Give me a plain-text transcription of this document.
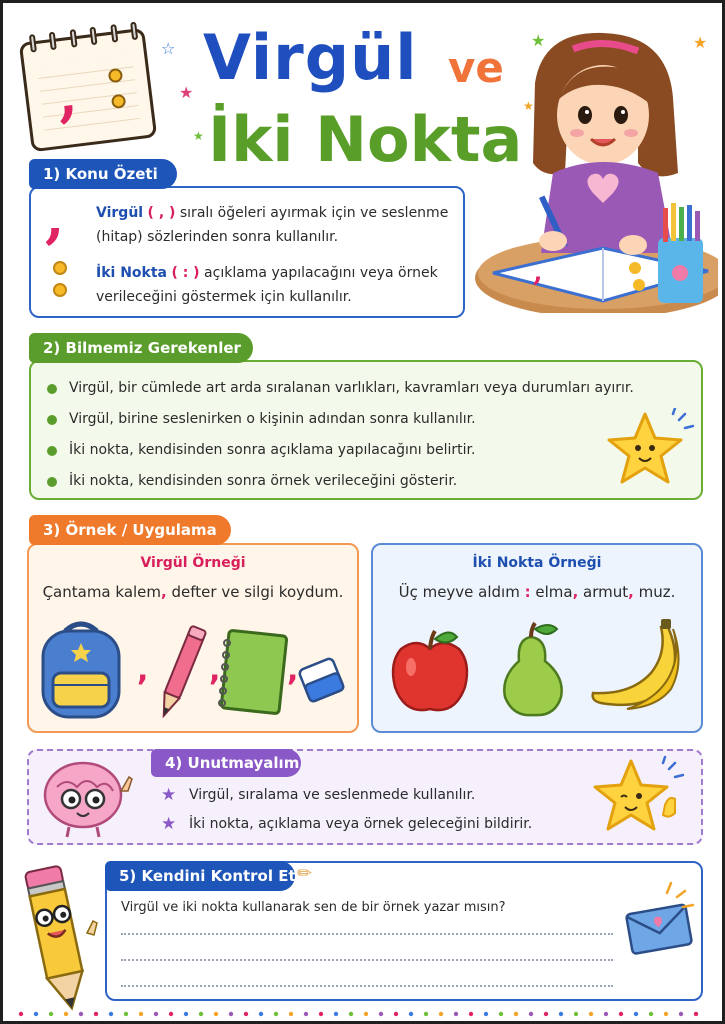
,
☆
★
★
★
★
★
Virgül ve
İki Nokta
,
1) Konu Özeti
, Virgül ( , ) sıralı öğeleri ayırmak için ve seslenme (hitap) sözlerinden sonra kullanılır.
İki Nokta ( : ) açıklama yapılacağını veya örnek verileceğini göstermek için kullanılır.
2) Bilmemiz Gerekenler
Virgül, bir cümlede art arda sıralanan varlıkları, kavramları veya durumları ayırır.
Virgül, birine seslenirken o kişinin adından sonra kullanılır.
İki nokta, kendisinden sonra açıklama yapılacağını belirtir.
İki nokta, kendisinden sonra örnek verileceğini gösterir.
3) Örnek / Uygulama
Virgül Örneği
Çantama kalem, defter ve silgi koydum.
İki Nokta Örneği
Üç meyve aldım : elma, armut, muz.
, , ,
4) Unutmayalım
★ Virgül, sıralama ve seslenmede kullanılır.
★ İki nokta, açıklama veya örnek geleceğini bildirir.
5) Kendini Kontrol Et ✏
Virgül ve iki nokta kullanarak sen de bir örnek yazar mısın?
